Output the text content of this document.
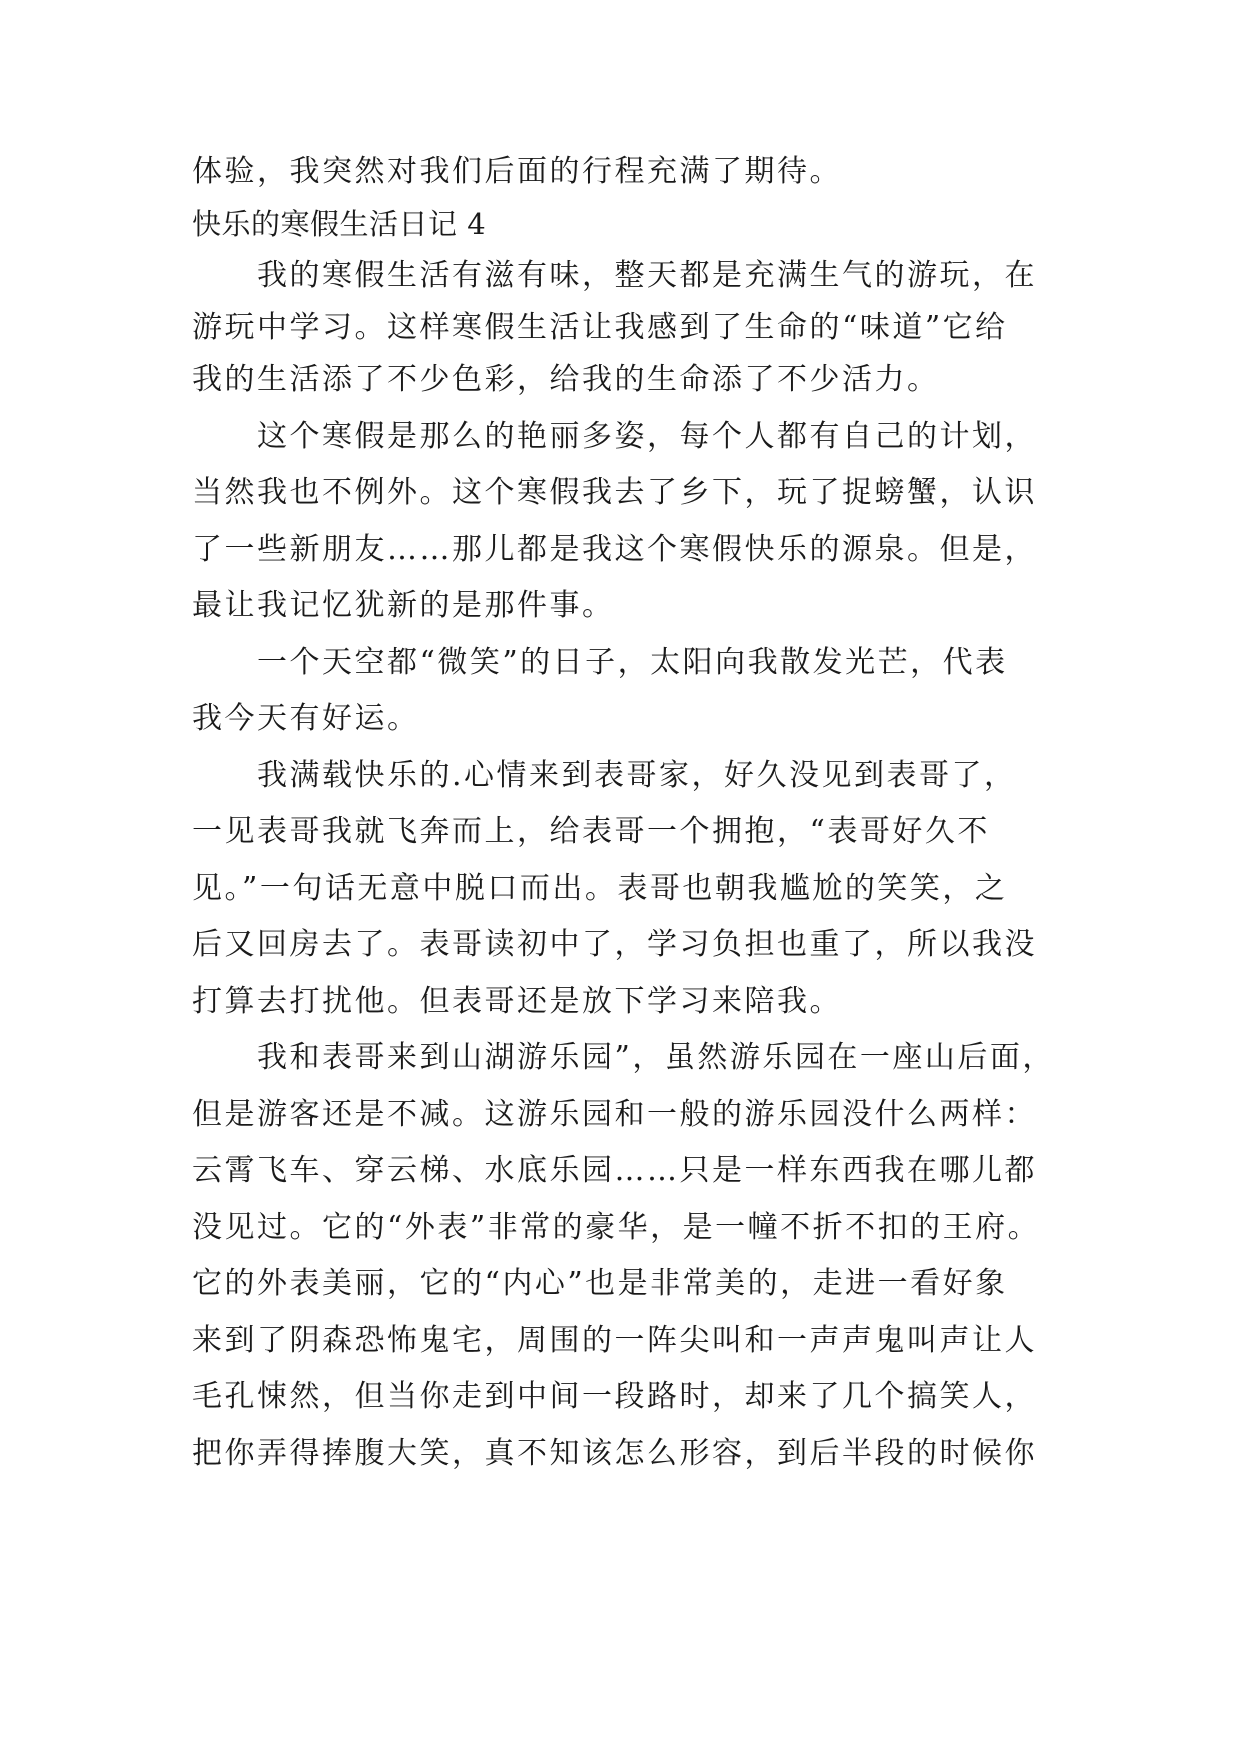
体验，我突然对我们后面的行程充满了期待。
快乐的寒假生活日记 4
　　我的寒假生活有滋有味，整天都是充满生气的游玩，在
游玩中学习。这样寒假生活让我感到了生命的“味道”它给
我的生活添了不少色彩，给我的生命添了不少活力。
　　这个寒假是那么的艳丽多姿，每个人都有自己的计划，
当然我也不例外。这个寒假我去了乡下，玩了捉螃蟹，认识
了一些新朋友……那儿都是我这个寒假快乐的源泉。但是，
最让我记忆犹新的是那件事。
　　一个天空都“微笑”的日子，太阳向我散发光芒，代表
我今天有好运。
　　我满载快乐的.心情来到表哥家，好久没见到表哥了，
一见表哥我就飞奔而上，给表哥一个拥抱，“表哥好久不
见。”一句话无意中脱口而出。表哥也朝我尴尬的笑笑，之
后又回房去了。表哥读初中了，学习负担也重了，所以我没
打算去打扰他。但表哥还是放下学习来陪我。
　　我和表哥来到山湖游乐园”，虽然游乐园在一座山后面，
但是游客还是不减。这游乐园和一般的游乐园没什么两样：
云霄飞车、穿云梯、水底乐园……只是一样东西我在哪儿都
没见过。它的“外表”非常的豪华，是一幢不折不扣的王府。
它的外表美丽，它的“内心”也是非常美的，走进一看好象
来到了阴森恐怖鬼宅，周围的一阵尖叫和一声声鬼叫声让人
毛孔悚然，但当你走到中间一段路时，却来了几个搞笑人，
把你弄得捧腹大笑，真不知该怎么形容，到后半段的时候你
